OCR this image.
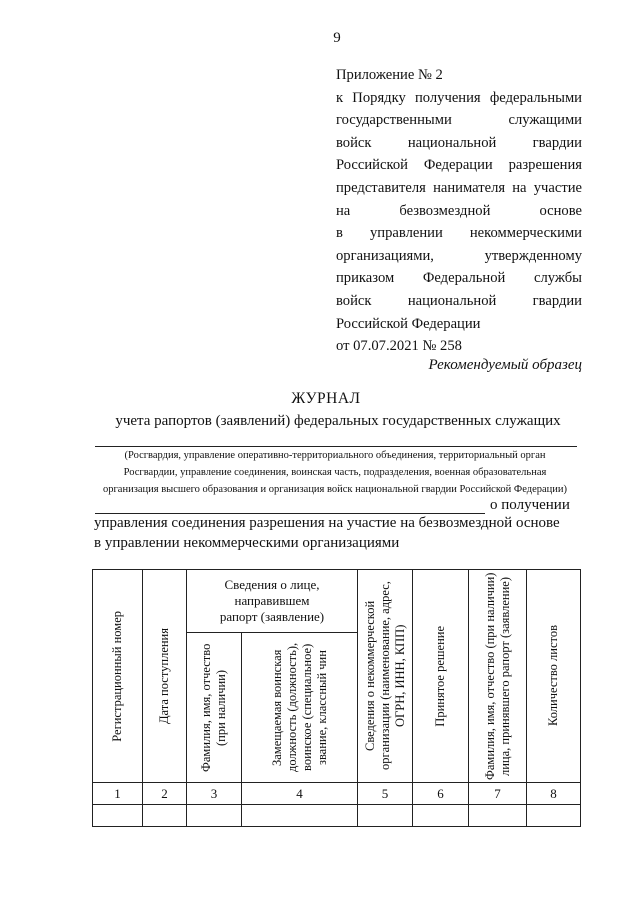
9
Приложение № 2
к Порядку получения федеральными
государственными служащими
войск национальной гвардии
Российской Федерации разрешения
представителя нанимателя на участие
на безвозмездной основе
в управлении некоммерческими
организациями, утвержденному
приказом Федеральной службы
войск национальной гвардии
Российской Федерации
от 07.07.2021 № 258
Рекомендуемый образец
ЖУРНАЛ
учета рапортов (заявлений) федеральных государственных служащих
(Росгвардия, управление оперативно-территориального объединения, территориальный орган
Росгвардии, управление соединения, воинская часть, подразделения, военная образовательная
организация высшего образования и организация войск национальной гвардии Российской Федерации)
о получении
управления соединения разрешения на участие на безвозмездной основе
в управлении некоммерческими организациями
Регистрационный номер	Дата поступления	Сведения о лице, направившем рапорт (заявление)		Сведения о некоммерческой организации (наименование, адрес, ОГРН, ИНН, КПП)	Принятое решение	Фамилия, имя, отчество (при наличии) лица, принявшего рапорт (заявление)	Количество листов

		Фамилия, имя, отчество (при наличии)	Замещаемая воинская должность (должность), воинское (специальное) звание, классный чин				

1	2	3	4	5	6	7	8
